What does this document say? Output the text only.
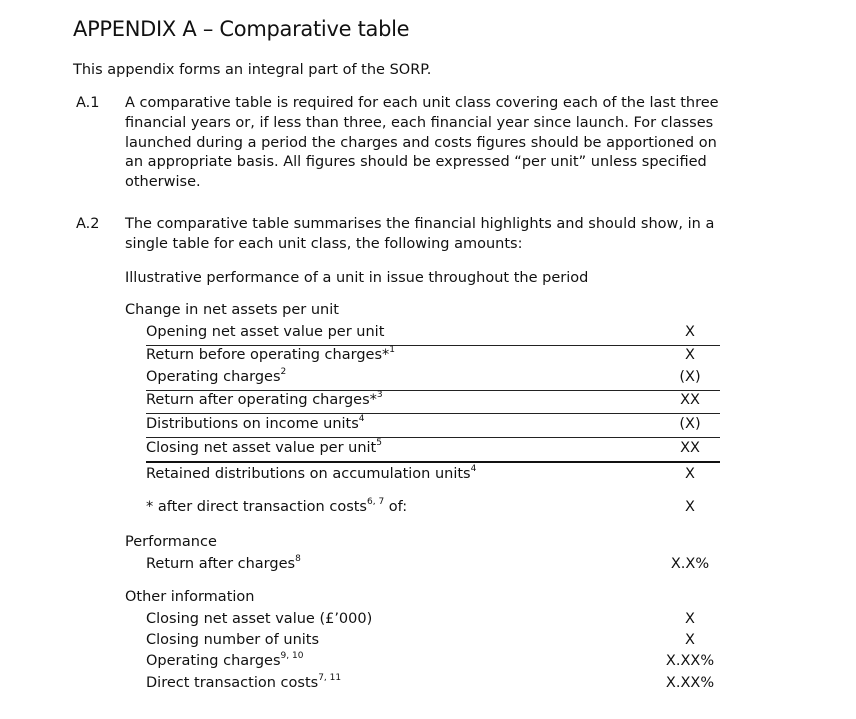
APPENDIX A – Comparative table
This appendix forms an integral part of the SORP.
A.1 A comparative table is required for each unit class covering each of the last three
financial years or, if less than three, each financial year since launch. For classes
launched during a period the charges and costs figures should be apportioned on
an appropriate basis. All figures should be expressed “per unit” unless specified
otherwise.
A.2 The comparative table summarises the financial highlights and should show, in a
single table for each unit class, the following amounts:
Illustrative performance of a unit in issue throughout the period
Change in net assets per unit
Opening net asset value per unit	X
Return before operating charges*$^1$	X
Operating charges$^2$	(X)
Return after operating charges*$^3$	XX
Distributions on income units$^4$	(X)
Closing net asset value per unit$^5$	XX
Retained distributions on accumulation units$^4$	X
* after direct transaction costs$^{6, 7}$ of:	X
Performance
Return after charges$^8$	X.X%
Other information
Closing net asset value (£’000)	X
Closing number of units	X
Operating charges$^{9, 10}$	X.XX%
Direct transaction costs$^{7, 11}$	X.XX%
